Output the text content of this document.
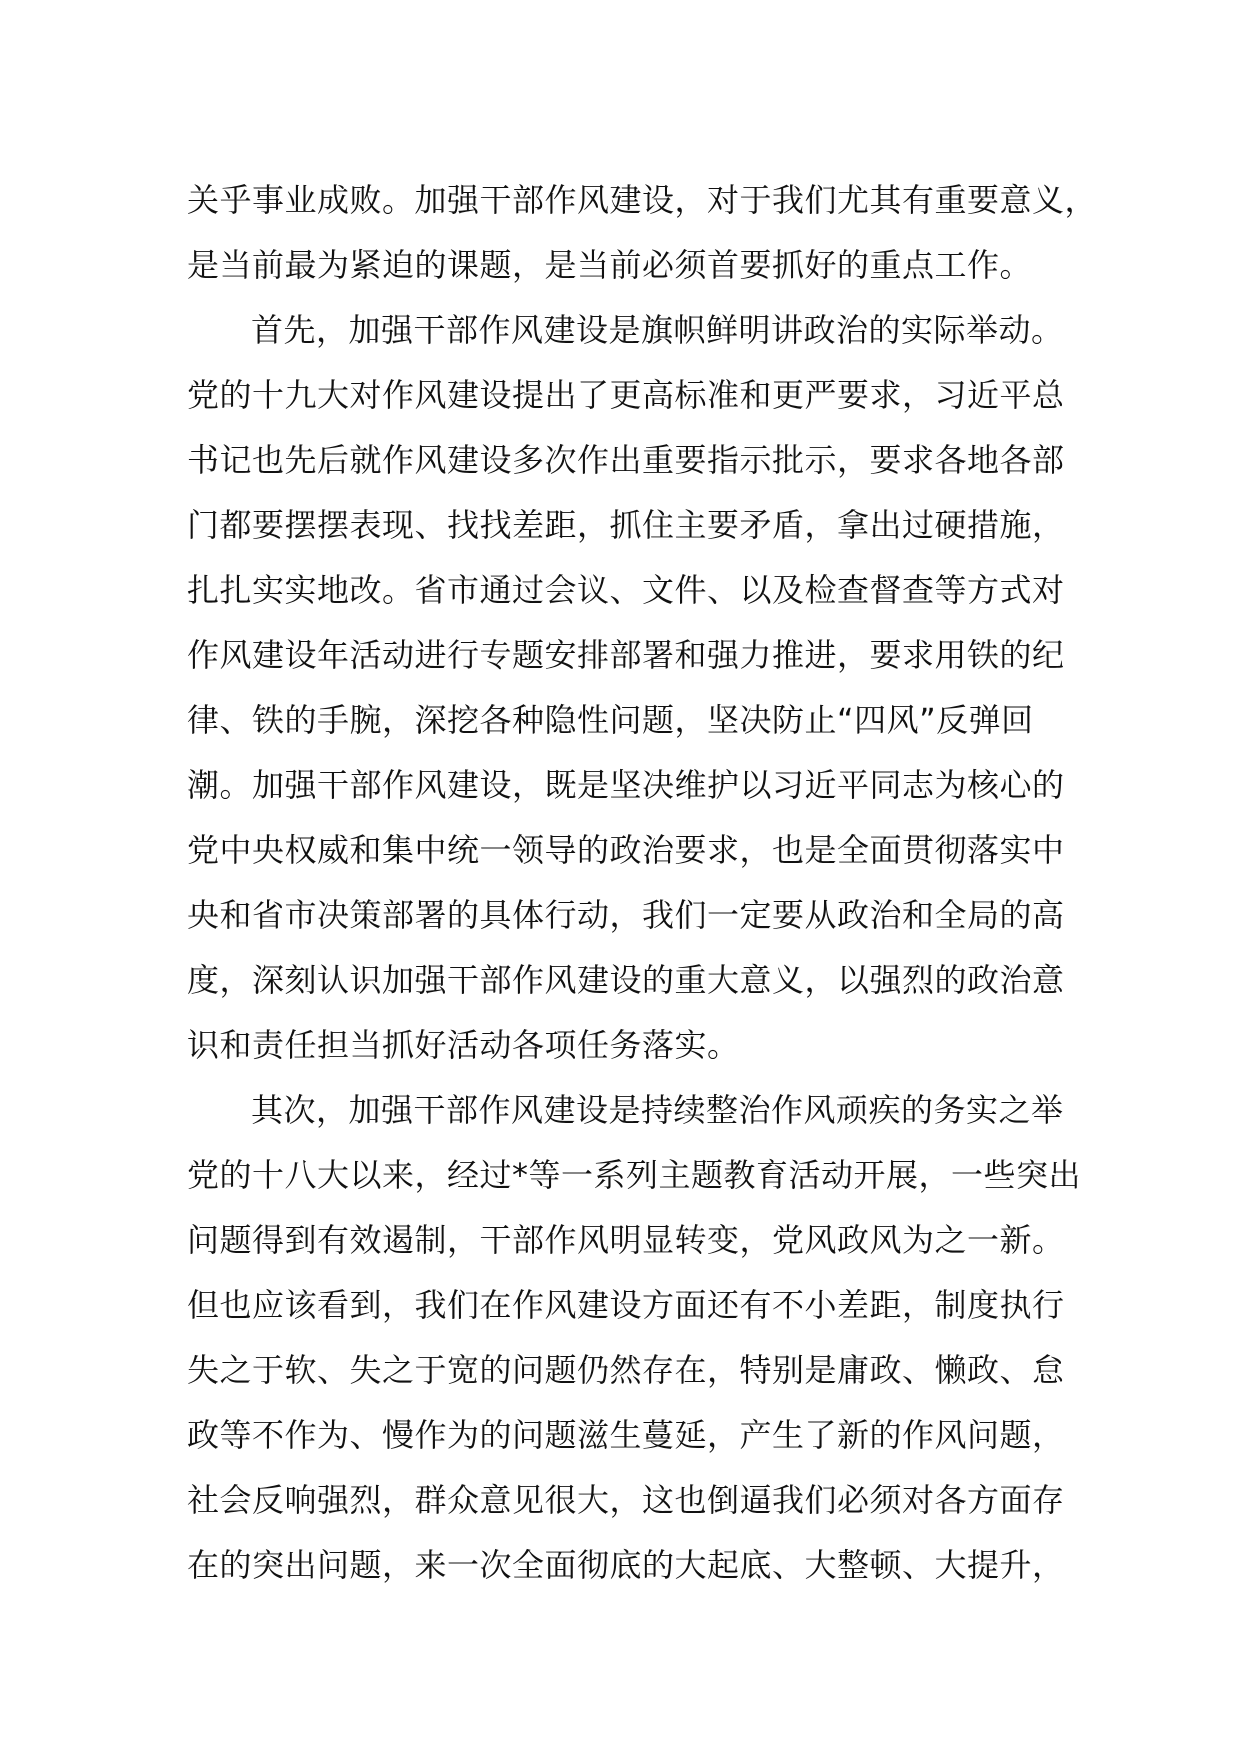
关乎事业成败。加强干部作风建设，对于我们尤其有重要意义，
是当前最为紧迫的课题，是当前必须首要抓好的重点工作。
首先，加强干部作风建设是旗帜鲜明讲政治的实际举动。
党的十九大对作风建设提出了更高标准和更严要求，习近平总
书记也先后就作风建设多次作出重要指示批示，要求各地各部
门都要摆摆表现、找找差距，抓住主要矛盾，拿出过硬措施，
扎扎实实地改。省市通过会议、文件、以及检查督查等方式对
作风建设年活动进行专题安排部署和强力推进，要求用铁的纪
律、铁的手腕，深挖各种隐性问题，坚决防止“四风”反弹回
潮。加强干部作风建设，既是坚决维护以习近平同志为核心的
党中央权威和集中统一领导的政治要求，也是全面贯彻落实中
央和省市决策部署的具体行动，我们一定要从政治和全局的高
度，深刻认识加强干部作风建设的重大意义，以强烈的政治意
识和责任担当抓好活动各项任务落实。
其次，加强干部作风建设是持续整治作风顽疾的务实之举
党的十八大以来，经过*等一系列主题教育活动开展，一些突出
问题得到有效遏制，干部作风明显转变，党风政风为之一新。
但也应该看到，我们在作风建设方面还有不小差距，制度执行
失之于软、失之于宽的问题仍然存在，特别是庸政、懒政、怠
政等不作为、慢作为的问题滋生蔓延，产生了新的作风问题，
社会反响强烈，群众意见很大，这也倒逼我们必须对各方面存
在的突出问题，来一次全面彻底的大起底、大整顿、大提升，
